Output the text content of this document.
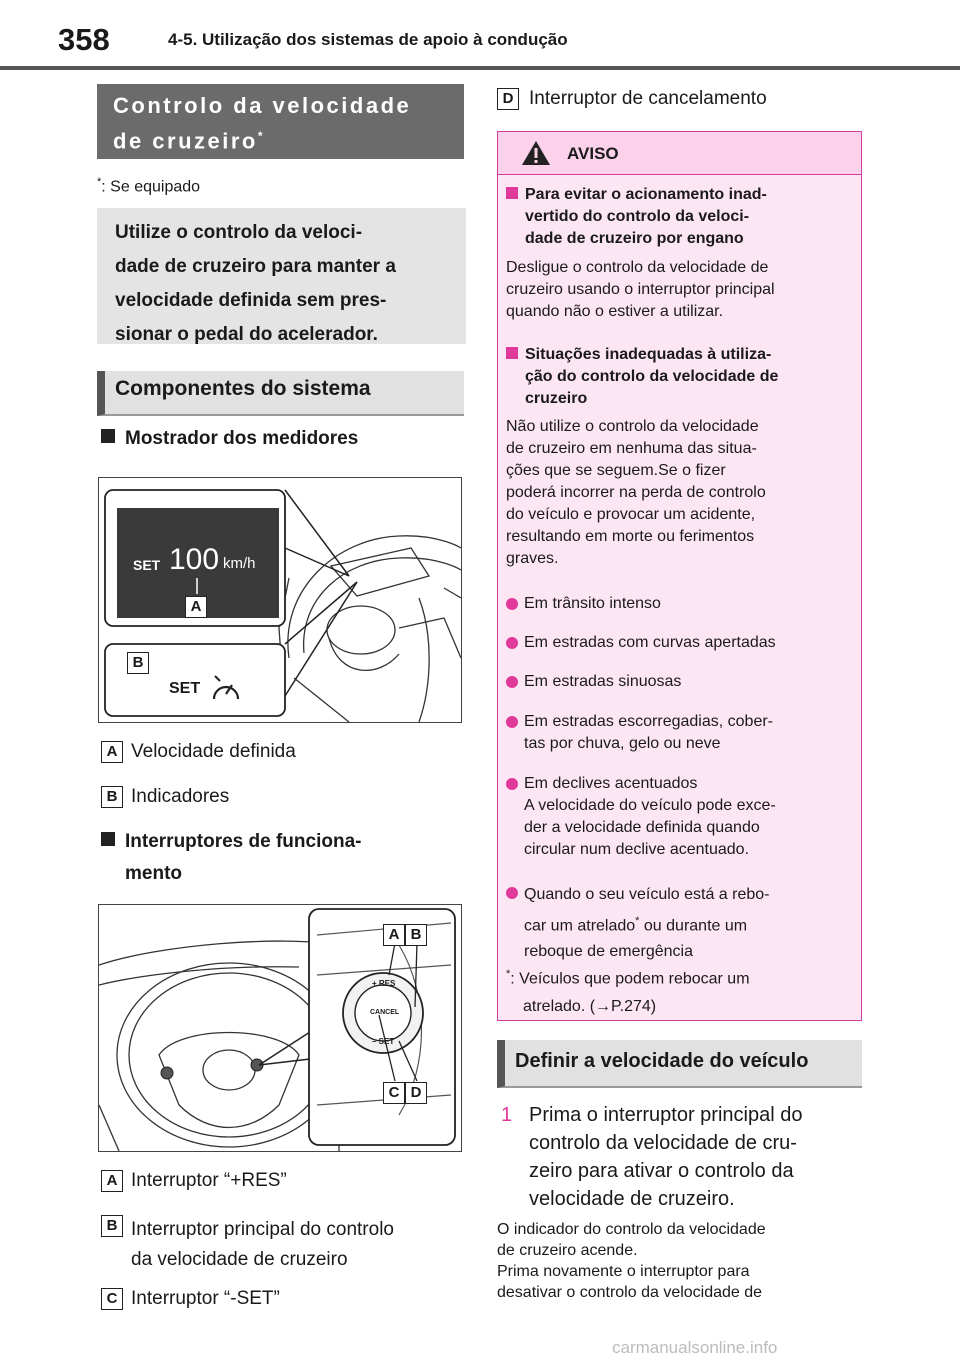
358	4-5. Utilização dos sistemas de apoio à condução
Controlo da velocidade
de cruzeiro*
*: Se equipado
Utilize o controlo da veloci-
dade de cruzeiro para manter a
velocidade definida sem pres-
sionar o pedal do acelerador.
Componentes do sistema
Mostrador dos medidores
SET 100 km/h
A
B
SET
A Velocidade definida
B Indicadores
Interruptores de funciona-
mento
+ RES
CANCEL
– SET
A B
C D
A Interruptor “+RES”
B Interruptor principal do controlo
da velocidade de cruzeiro
C Interruptor “-SET”
D Interruptor de cancelamento
AVISO
Para evitar o acionamento inad-
vertido do controlo da veloci-
dade de cruzeiro por engano
Desligue o controlo da velocidade de
cruzeiro usando o interruptor principal
quando não o estiver a utilizar.
Situações inadequadas à utiliza-
ção do controlo da velocidade de
cruzeiro
Não utilize o controlo da velocidade
de cruzeiro em nenhuma das situa-
ções que se seguem.Se o fizer
poderá incorrer na perda de controlo
do veículo e provocar um acidente,
resultando em morte ou ferimentos
graves.
Em trânsito intenso
Em estradas com curvas apertadas
Em estradas sinuosas
Em estradas escorregadias, cober-
tas por chuva, gelo ou neve
Em declives acentuados
A velocidade do veículo pode exce-
der a velocidade definida quando
circular num declive acentuado.
Quando o seu veículo está a rebo-
car um atrelado* ou durante um
reboque de emergência
*: Veículos que podem rebocar um
atrelado. (→P.274)
Definir a velocidade do veículo
1 Prima o interruptor principal do
controlo da velocidade de cru-
zeiro para ativar o controlo da
velocidade de cruzeiro.
O indicador do controlo da velocidade
de cruzeiro acende.
Prima novamente o interruptor para
desativar o controlo da velocidade de
carmanualsonline.info
